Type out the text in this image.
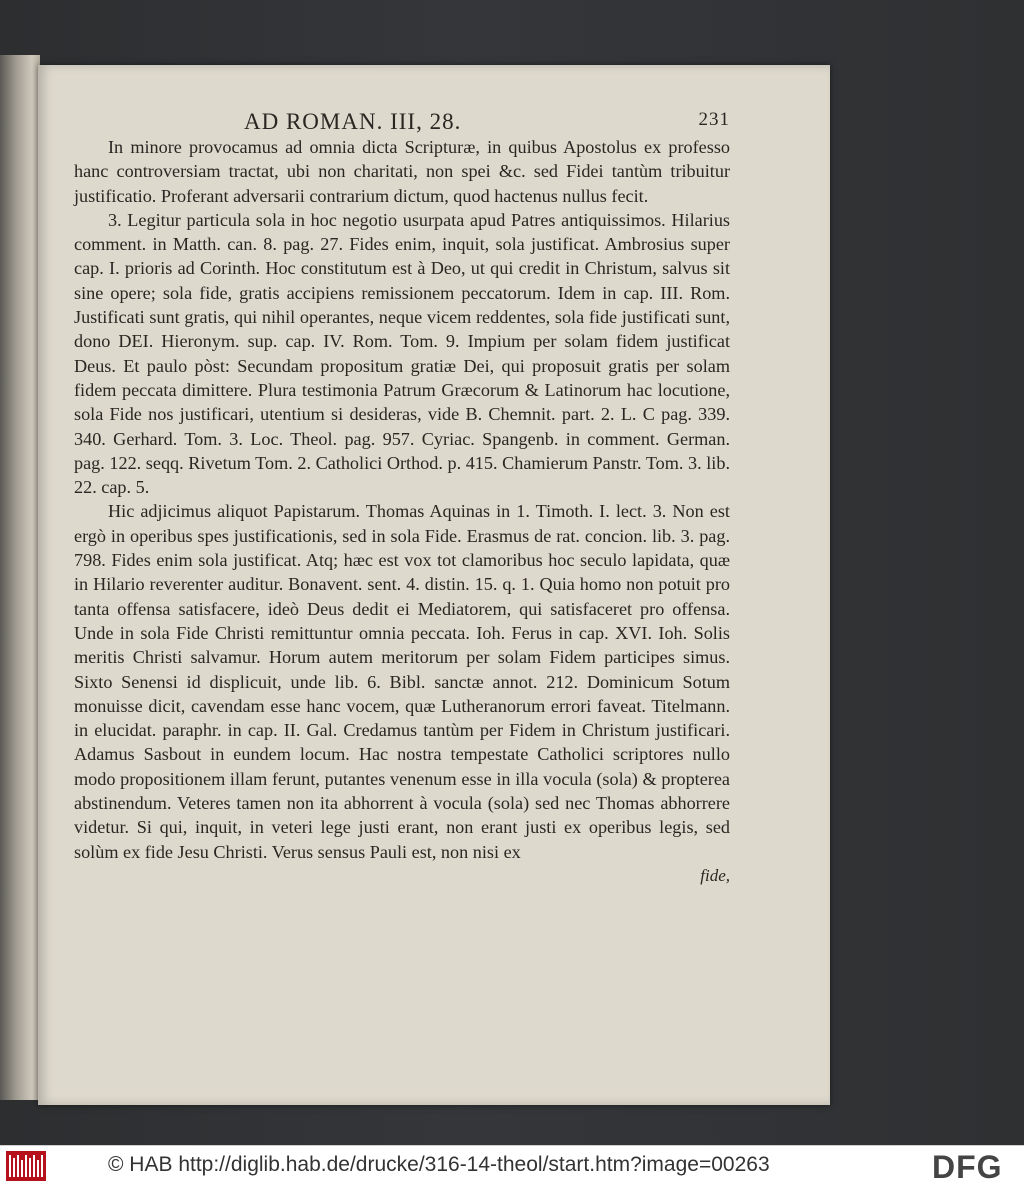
AD ROMAN. III, 28.	231

In minore provocamus ad omnia dicta Scripturæ, in quibus Apostolus ex professo hanc controversiam tractat, ubi non charitati, non spei &c. sed Fidei tantùm tribuitur justificatio. Proferant adversarii contrarium dictum, quod hactenus nullus fecit.

3. Legitur particula sola in hoc negotio usurpata apud Patres antiquissimos. Hilarius comment. in Matth. can. 8. pag. 27. Fides enim, inquit, sola justificat. Ambrosius super cap. I. prioris ad Corinth. Hoc constitutum est à Deo, ut qui credit in Christum, salvus sit sine opere; sola fide, gratis accipiens remissionem peccatorum. Idem in cap. III. Rom. Justificati sunt gratis, qui nihil operantes, neque vicem reddentes, sola fide justificati sunt, dono DEI. Hieronym. sup. cap. IV. Rom. Tom. 9. Impium per solam fidem justificat Deus. Et paulo pòst: Secundam propositum gratiæ Dei, qui proposuit gratis per solam fidem peccata dimittere. Plura testimonia Patrum Græcorum & Latinorum hac locutione, sola Fide nos justificari, utentium si desideras, vide B. Chemnit. part. 2. L. C pag. 339. 340. Gerhard. Tom. 3. Loc. Theol. pag. 957. Cyriac. Spangenb. in comment. German. pag. 122. seqq. Rivetum Tom. 2. Catholici Orthod. p. 415. Chamierum Panstr. Tom. 3. lib. 22. cap. 5.

Hic adjicimus aliquot Papistarum. Thomas Aquinas in 1. Timoth. I. lect. 3. Non est ergò in operibus spes justificationis, sed in sola Fide. Erasmus de rat. concion. lib. 3. pag. 798. Fides enim sola justificat. Atq; hæc est vox tot clamoribus hoc seculo lapidata, quæ in Hilario reverenter auditur. Bonavent. sent. 4. distin. 15. q. 1. Quia homo non potuit pro tanta offensa satisfacere, ideò Deus dedit ei Mediatorem, qui satisfaceret pro offensa. Unde in sola Fide Christi remittuntur omnia peccata. Ioh. Ferus in cap. XVI. Ioh. Solis meritis Christi salvamur. Horum autem meritorum per solam Fidem participes simus. Sixto Senensi id displicuit, unde lib. 6. Bibl. sanctæ annot. 212. Dominicum Sotum monuisse dicit, cavendam esse hanc vocem, quæ Lutheranorum errori faveat. Titelmann. in elucidat. paraphr. in cap. II. Gal. Credamus tantùm per Fidem in Christum justificari. Adamus Sasbout in eundem locum. Hac nostra tempestate Catholici scriptores nullo modo propositionem illam ferunt, putantes venenum esse in illa vocula (sola) & propterea abstinendum. Veteres tamen non ita abhorrent à vocula (sola) sed nec Thomas abhorrere videtur. Si qui, inquit, in veteri lege justi erant, non erant justi ex operibus legis, sed solùm ex fide Jesu Christi. Verus sensus Pauli est, non nisi ex

fide,
© HAB http://diglib.hab.de/drucke/316-14-theol/start.htm?image=00263	DFG
